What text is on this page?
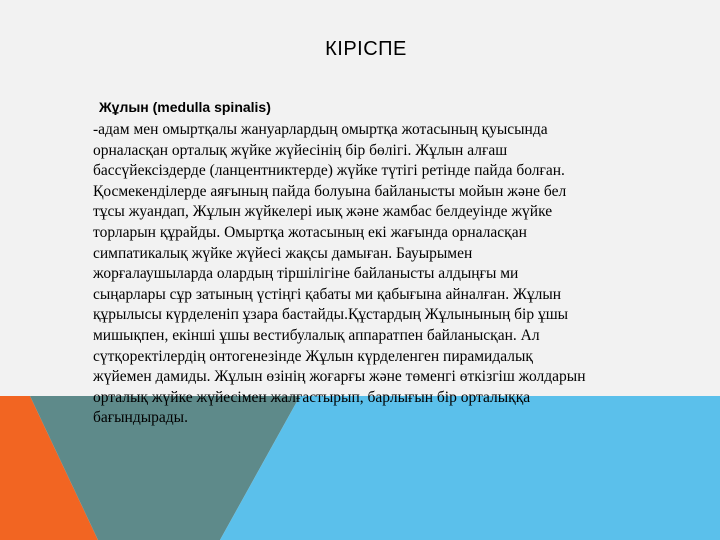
КІРІСПЕ
Жұлын (medulla spinalis)
-адам мен омыртқалы жануарлардың омыртқа жотасының қуысында
орналасқан орталық жүйке жүйесінің бір бөлігі. Жұлын алғаш
бассүйексіздерде (ланцентниктерде) жүйке түтігі ретінде пайда болған.
Қосмекенділерде аяғының пайда болуына байланысты мойын және бел
тұсы жуандап, Жұлын жүйкелері иық және жамбас белдеуінде жүйке
торларын құрайды. Омыртқа жотасының екі жағында орналасқан
симпатикалық жүйке жүйесі жақсы дамыған. Бауырымен
жорғалаушыларда олардың тіршілігіне байланысты алдыңғы ми
сыңарлары сұр затының үстіңгі қабаты ми қабығына айналған. Жұлын
құрылысы күрделеніп ұзара бастайды.Құстардың Жұлынының бір ұшы
мишықпен, екінші ұшы вестибулалық аппаратпен байланысқан. Ал
сүтқоректілердің онтогенезінде Жұлын күрделенген пирамидалық
жүйемен дамиды. Жұлын өзінің жоғарғы және төменгі өткізгіш жолдарын
орталық жүйке жүйесімен жалғастырып, барлығын бір орталыққа
бағындырады.
